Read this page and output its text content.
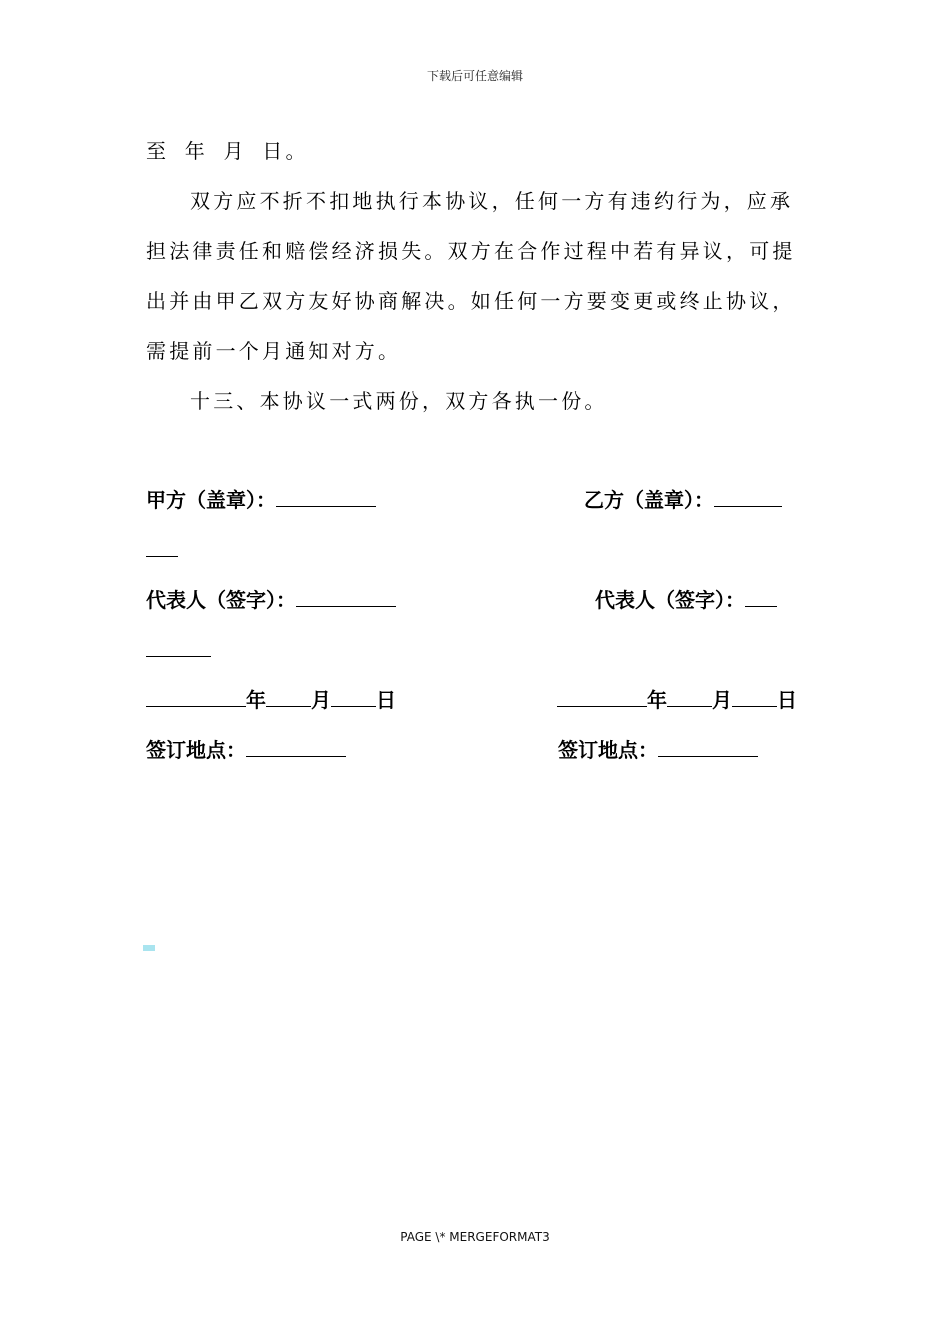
下载后可任意编辑

至 年 月 日。

双方应不折不扣地执行本协议，任何一方有违约行为，应承担法律责任和赔偿经济损失。双方在合作过程中若有异议，可提出并由甲乙双方友好协商解决。如任何一方要变更或终止协议，需提前一个月通知对方。

十三、本协议一式两份，双方各执一份。

甲方（盖章）：	乙方（盖章）：
代表人（签字）：	代表人（签字）：
年 月 日	年 月 日
签订地点：	签订地点：
PAGE \* MERGEFORMAT3
